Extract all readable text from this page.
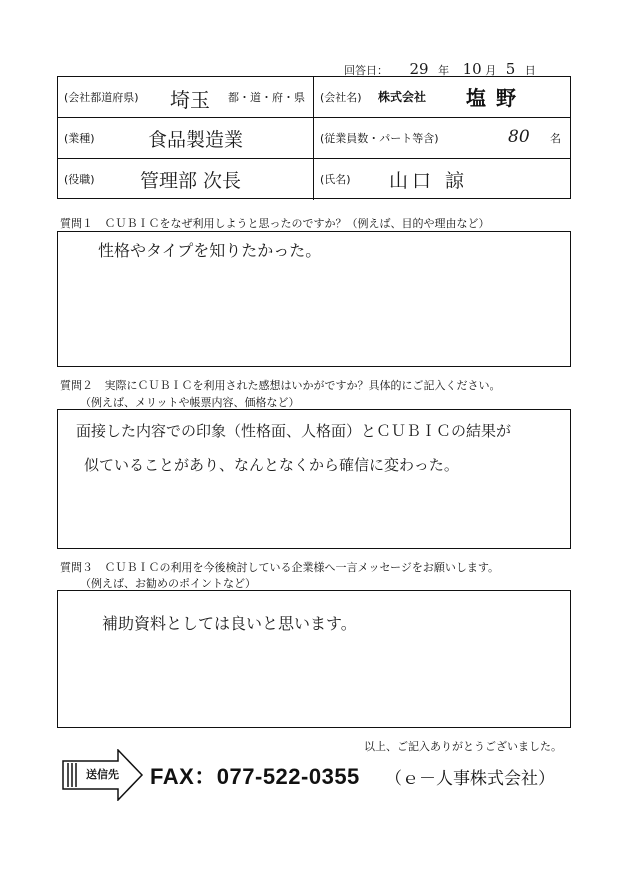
回答日： 29 年 10 月 5 日
(会社都道府県) 埼玉 都・道・府・県 (会社名) 株式会社 塩野
(業種)	食品製造業	(従業員数・パート等含)	80 名
(役職) 管理部 次長	(氏名) 山口 諒
質問１ ＣＵＢＩＣをなぜ利用しようと思ったのですか？（例えば、目的や理由など）
性格やタイプを知りたかった。
質問２ 実際にＣＵＢＩＣを利用された感想はいかがですか？具体的にご記入ください。
（例えば、メリットや帳票内容、価格など）
面接した内容での印象（性格面、人格面）とＣＵＢＩＣの結果が
似ていることがあり、なんとなくから確信に変わった。
質問３ ＣＵＢＩＣの利用を今後検討している企業様へ一言メッセージをお願いします。
（例えば、お勧めのポイントなど）
補助資料としては良いと思います。
以上、ご記入ありがとうございました。
送信先 FAX：077-522-0355 （ｅ－人事株式会社）
